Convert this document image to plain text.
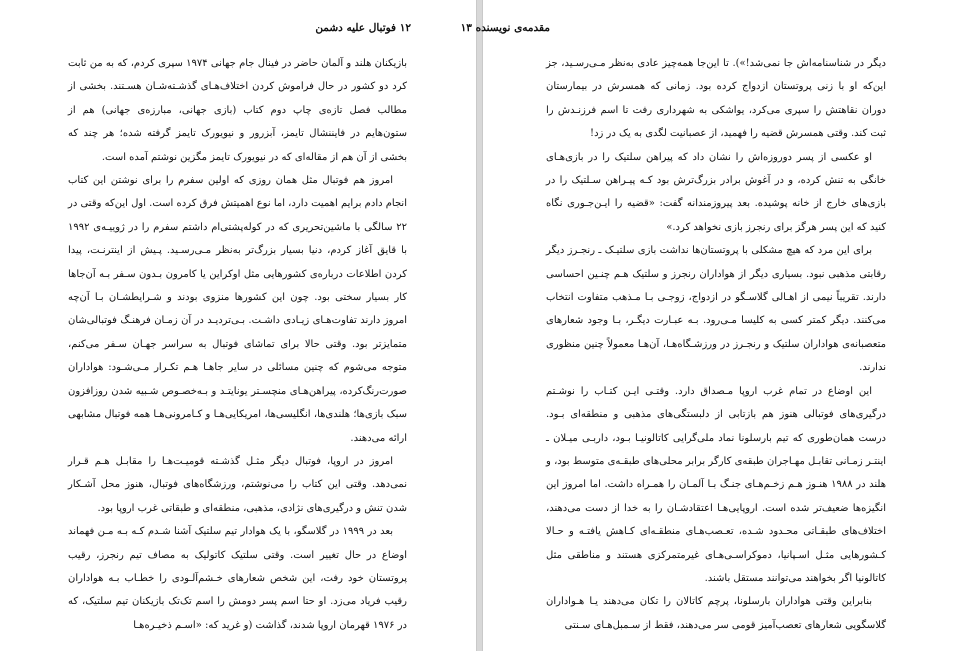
۱۲ فوتبال علیه دشمن

بازیکنان هلند و آلمان حاضر در فینال جام جهانی ۱۹۷۴ سپری کردم، که به من ثابت کرد دو کشور در حال فراموش کردن اختلاف‌هـای گذشـته‌شـان هسـتند. بخشی از مطالب فصل تازه‌ی چاپ دوم کتاب (بازی جهانی، مبارزه‌ی جهانی) هم از ستون‌هایم در فایننشال تایمز، آبزرور و نیویورک تایمز گرفته شده؛ هر چند که بخشی از آن هم از مقاله‌ای که در نیویورک تایمز مگزین نوشتم آمده است.

امروز هم فوتبال مثل همان روزی که اولین سفرم را برای نوشتن این کتاب انجام دادم برایم اهمیت دارد، اما نوع اهمیتش فرق کرده است. اول این‌که وقتی در ۲۲ سالگی با ماشین‌تحریری که در کوله‌پشتی‌ام داشتم سفرم را در ژوییـه‌ی ۱۹۹۲ با قایق آغاز کردم، دنیا بسیار بزرگ‌تر به‌نظر مـی‌رسـید. پـیش از اینترنـت، پیدا کردن اطلاعات درباره‌ی کشورهایی مثل اوکراین یا کامرون بـدون سـفر بـه آن‌جاها کار بسیار سختی بود. چون این کشورها منزوی بودند و شـرایطشـان بـا آن‌چه امروز دارند تفاوت‌هـای زیـادی داشـت. بـی‌تردیـد در آن زمـان فرهنـگ فوتبالی‌شان متمایزتر بود. وقتی حالا برای تماشای فوتبال به سراسر جهـان سـفر می‌کنم، متوجه می‌شوم که چنین مسائلی در سایر جاهـا هـم تکـرار مـی‌شـود: هواداران صورت‌رنگ‌کرده، پیراهن‌هـای منچسـتر یونایتـد و بـه‌خصـوص شـبیه شدن روزافزون سبک بازی‌ها؛ هلندی‌ها، انگلیسی‌ها، امریکایی‌هـا و کـامرونی‌هـا همه فوتبال مشابهی ارائه می‌دهند.

امروز در اروپا، فوتبال دیگر مثـل گذشـته قومیـت‌هـا را مقابـل هـم قـرار نمی‌دهد. وقتی این کتاب را می‌نوشتم، ورزشگاه‌های فوتبال، هنوز محل آشـکار شدن تنش و درگیری‌های نژادی، مذهبی، منطقه‌ای و طبقاتی غرب اروپا بود.

بعد در ۱۹۹۹ در گلاسگو، با یک هوادار تیم سلتیک آشنا شـدم کـه بـه مـن فهماند اوضاع در حال تغییر است. وقتی سلتیک کاتولیک به مصاف تیم رنجرز، رقیب پروتستان خود رفت، این شخص شعارهای خـشم‌آلـودی را خطـاب بـه هواداران رقیب فریاد می‌زد. او حتا اسم پسر دومش را اسم تک‌تک بازیکنان تیم سلتیک، که در ۱۹۷۶ قهرمان اروپا شدند، گذاشت (و غرید که: «اسـم ذخیـره‌هـا

مقدمه‌ی نویسنده ۱۳

دیگر در شناسنامه‌اش جا نمی‌شد!»). تا این‌جا همه‌چیز عادی به‌نظر مـی‌رسـید، جز این‌که او با زنی پروتستان ازدواج کرده بود. زمانی که همسرش در بیمارستان دوران نقاهتش را سپری می‌کرد، یواشکی به شهرداری رفت تا اسم فرزنـدش را ثبت کند. وقتی همسرش قضیه را فهمید، از عصبانیت لگدی به یک در زد!

او عکسی از پسر دوروزه‌اش را نشان داد که پیراهن سلتیک را در بازی‌هـای خانگی به تنش کرده، و در آغوش برادر بزرگ‌ترش بود کـه پیـراهن سـلتیک را در بازی‌های خارج از خانه پوشیده. بعد پیروزمندانه گفت: «قضیه را ایـن‌جـوری نگاه کنید که این پسر هرگز برای رنجرز بازی نخواهد کرد.»

برای این مرد که هیچ مشکلی با پروتستان‌ها نداشت بازی سلتیـک ـ رنجـرز دیگر رقابتی مذهبی نبود. بسیاری دیگر از هواداران رنجرز و سلتیک هـم چنـین احساسی دارند. تقریباً نیمی از اهـالی گلاسـگو در ازدواج، زوجـی بـا مـذهب متفاوت انتخاب می‌کنند. دیگر کمتر کسی به کلیسا مـی‌رود. بـه عبـارت دیگـر، بـا وجود شعارهای متعصبانه‌ی هواداران سلتیک و رنجـرز در ورزشـگاه‌هـا، آن‌هـا معمولاً چنین منظوری ندارند.

این اوضاع در تمام غرب اروپا مـصداق دارد. وقتـی ایـن کتـاب را نوشـتم درگیری‌های فوتبالی هنوز هم بازتابی از دلبستگی‌های مذهبی و منطقه‌ای بـود. درست همان‌طوری که تیم بارسلونا نماد ملی‌گرایی کاتالونیـا بـود، داربـی میـلان ـ اینتـر زمـانی تقابـل مهـاجران طبقه‌ی کارگر برابر محلی‌های طبقـه‌ی متوسط بود، و هلند در ۱۹۸۸ هنـوز هـم زخـم‌هـای جنـگ بـا آلمـان را همـراه داشت. اما امروز این انگیزه‌ها ضعیف‌تر شده است. اروپایی‌هـا اعتقادشـان را به خدا از دست می‌دهند، اختلاف‌های طبقـاتی محـدود شـده، تعـصب‌هـای منطقـه‌ای کـاهش یافتـه و حـالا کـشورهایی مثـل اسـپانیا، دموکراسـی‌هـای غیرمتمرکزی هستند و مناطقی مثل کاتالونیا اگر بخواهند می‌توانند مستقل باشند.

بنابراین وقتی هواداران بارسلونا، پرچم کاتالان را تکان می‌دهند یـا هـواداران گلاسگویی شعارهای تعصب‌آمیز قومی سر می‌دهند، فقط از سـمبل‌هـای سـنتی
